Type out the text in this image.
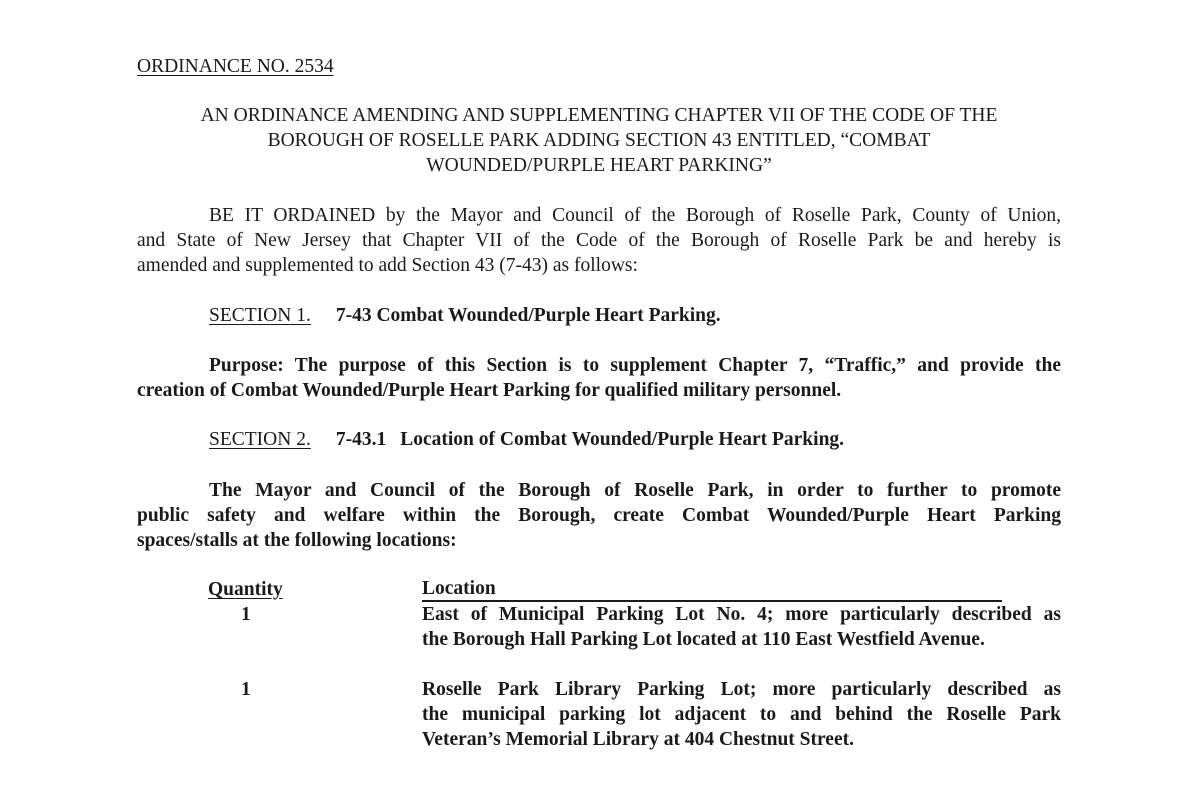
ORDINANCE NO. 2534
AN ORDINANCE AMENDING AND SUPPLEMENTING CHAPTER VII OF THE CODE OF THE
BOROUGH OF ROSELLE PARK ADDING SECTION 43 ENTITLED, “COMBAT
WOUNDED/PURPLE HEART PARKING”
BE IT ORDAINED by the Mayor and Council of the Borough of Roselle Park, County of Union,
and State of New Jersey that Chapter VII of the Code of the Borough of Roselle Park be and hereby is
amended and supplemented to add Section 43 (7-43) as follows:
SECTION 1. 7-43 Combat Wounded/Purple Heart Parking.
Purpose: The purpose of this Section is to supplement Chapter 7, “Traffic,” and provide the
creation of Combat Wounded/Purple Heart Parking for qualified military personnel.
SECTION 2. 7-43.1 Location of Combat Wounded/Purple Heart Parking.
The Mayor and Council of the Borough of Roselle Park, in order to further to promote
public safety and welfare within the Borough, create Combat Wounded/Purple Heart Parking
spaces/stalls at the following locations:
Quantity	Location
1	East of Municipal Parking Lot No. 4; more particularly described as
the Borough Hall Parking Lot located at 110 East Westfield Avenue.
1	Roselle Park Library Parking Lot; more particularly described as
the municipal parking lot adjacent to and behind the Roselle Park
Veteran’s Memorial Library at 404 Chestnut Street.
